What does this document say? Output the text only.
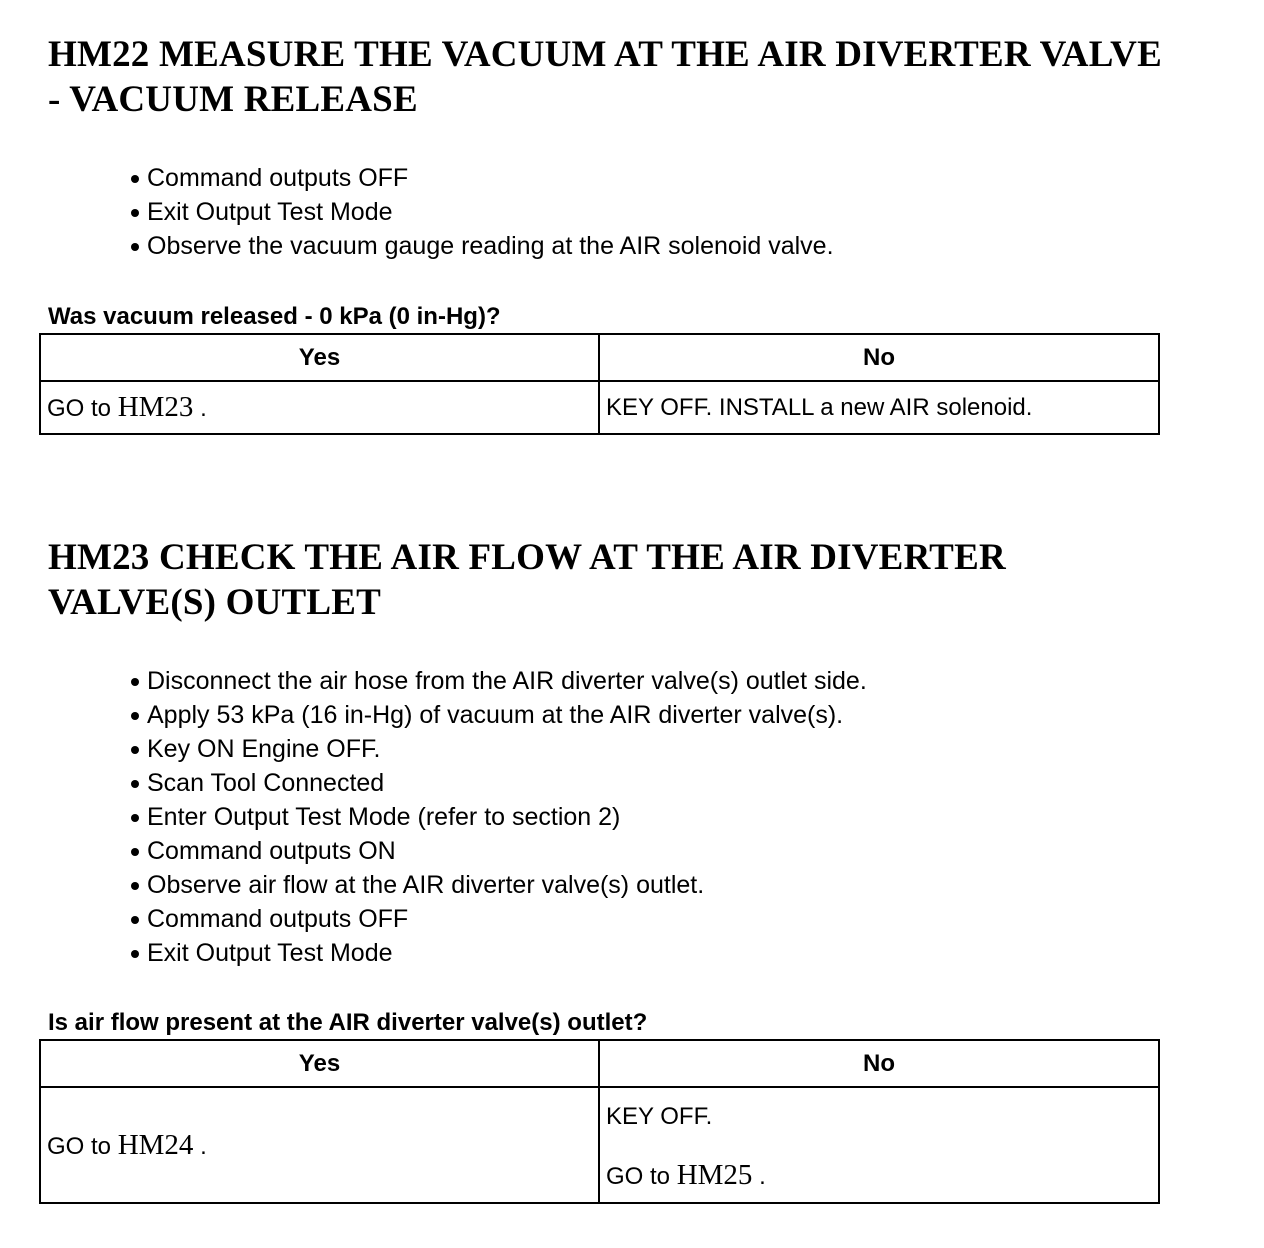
HM22 MEASURE THE VACUUM AT THE AIR DIVERTER VALVE
- VACUUM RELEASE
Command outputs OFF
Exit Output Test Mode
Observe the vacuum gauge reading at the AIR solenoid valve.

Was vacuum released - 0 kPa (0 in-Hg)?

Yes	No
GO to HM23 .	KEY OFF. INSTALL a new AIR solenoid.
HM23 CHECK THE AIR FLOW AT THE AIR DIVERTER
VALVE(S) OUTLET
Disconnect the air hose from the AIR diverter valve(s) outlet side.
Apply 53 kPa (16 in-Hg) of vacuum at the AIR diverter valve(s).
Key ON Engine OFF.
Scan Tool Connected
Enter Output Test Mode (refer to section 2)
Command outputs ON
Observe air flow at the AIR diverter valve(s) outlet.
Command outputs OFF
Exit Output Test Mode

Is air flow present at the AIR diverter valve(s) outlet?

Yes	No
GO to HM24 .	KEY OFF.
GO to HM25 .
